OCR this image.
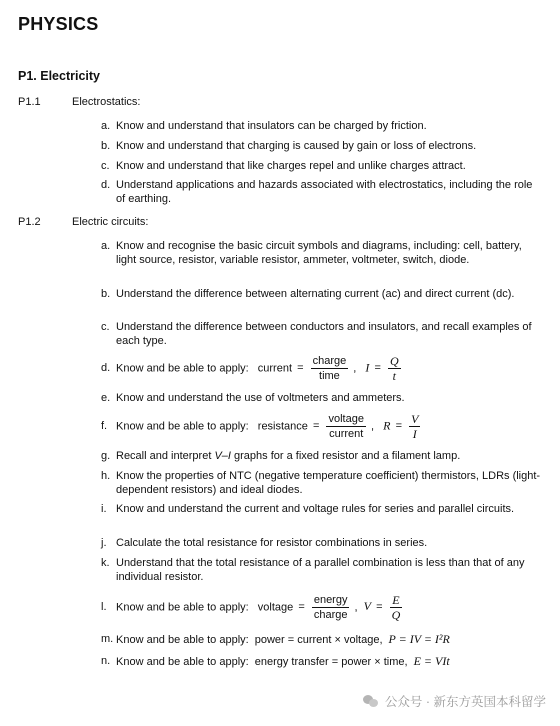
PHYSICS
P1. Electricity
P1.1	Electrostatics:
a. Know and understand that insulators can be charged by friction.
b. Know and understand that charging is caused by gain or loss of electrons.
c. Know and understand that like charges repel and unlike charges attract.
d. Understand applications and hazards associated with electrostatics, including the role of earthing.
P1.2	Electric circuits:
a. Know and recognise the basic circuit symbols and diagrams, including: cell, battery, light source, resistor, variable resistor, ammeter, voltmeter, switch, diode.
b. Understand the difference between alternating current (ac) and direct current (dc).
c. Understand the difference between conductors and insulators, and recall examples of each type.
d. Know and be able to apply: current = $\frac{\text{charge}}{\text{time}}$ , $I = \frac{Q}{t}$
e. Know and understand the use of voltmeters and ammeters.
f. Know and be able to apply: resistance = $\frac{\text{voltage}}{\text{current}}$ , $R = \frac{V}{I}$
g. Recall and interpret V–I graphs for a fixed resistor and a filament lamp.
h. Know the properties of NTC (negative temperature coefficient) thermistors, LDRs (light-dependent resistors) and ideal diodes.
i. Know and understand the current and voltage rules for series and parallel circuits.
j. Calculate the total resistance for resistor combinations in series.
k. Understand that the total resistance of a parallel combination is less than that of any individual resistor.
l. Know and be able to apply: voltage = $\frac{\text{energy}}{\text{charge}}$ , $V = \frac{E}{Q}$
m. Know and be able to apply: power = current × voltage, P = IV = I²R
n. Know and be able to apply: energy transfer = power × time, E = VIt
公众号 · 新东方英国本科留学
